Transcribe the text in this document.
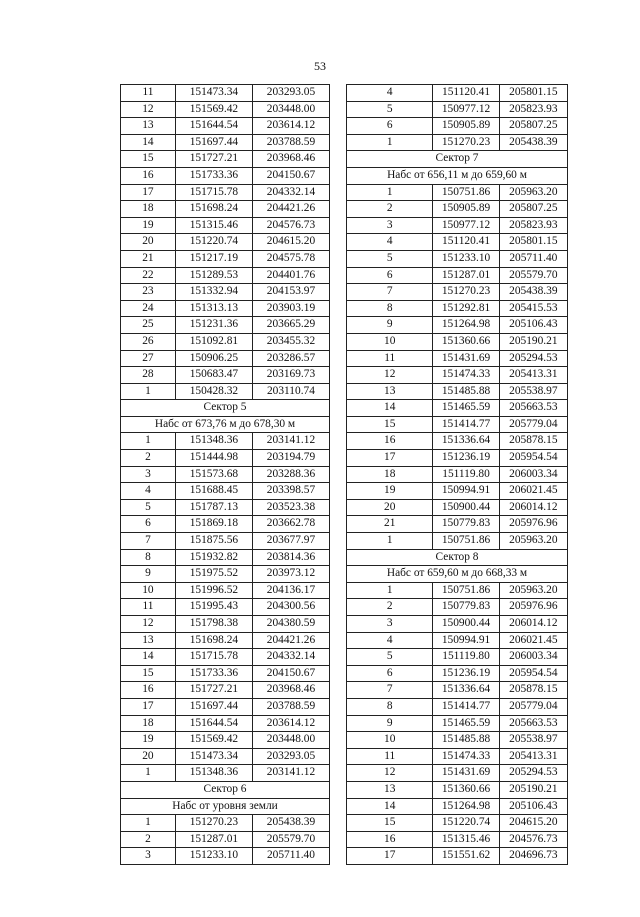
53
11	151473.34	203293.05
12	151569.42	203448.00
13	151644.54	203614.12
14	151697.44	203788.59
15	151727.21	203968.46
16	151733.36	204150.67
17	151715.78	204332.14
18	151698.24	204421.26
19	151315.46	204576.73
20	151220.74	204615.20
21	151217.19	204575.78
22	151289.53	204401.76
23	151332.94	204153.97
24	151313.13	203903.19
25	151231.36	203665.29
26	151092.81	203455.32
27	150906.25	203286.57
28	150683.47	203169.73
1	150428.32	203110.74
Сектор 5		
Набс от 673,76 м до 678,30 м		
1	151348.36	203141.12
2	151444.98	203194.79
3	151573.68	203288.36
4	151688.45	203398.57
5	151787.13	203523.38
6	151869.18	203662.78
7	151875.56	203677.97
8	151932.82	203814.36
9	151975.52	203973.12
10	151996.52	204136.17
11	151995.43	204300.56
12	151798.38	204380.59
13	151698.24	204421.26
14	151715.78	204332.14
15	151733.36	204150.67
16	151727.21	203968.46
17	151697.44	203788.59
18	151644.54	203614.12
19	151569.42	203448.00
20	151473.34	203293.05
1	151348.36	203141.12
Сектор 6		
Набс от уровня земли		
1	151270.23	205438.39
2	151287.01	205579.70
3	151233.10	205711.40
4	151120.41	205801.15
5	150977.12	205823.93
6	150905.89	205807.25
1	151270.23	205438.39
Сектор 7		
Набс от 656,11 м до 659,60 м		
1	150751.86	205963.20
2	150905.89	205807.25
3	150977.12	205823.93
4	151120.41	205801.15
5	151233.10	205711.40
6	151287.01	205579.70
7	151270.23	205438.39
8	151292.81	205415.53
9	151264.98	205106.43
10	151360.66	205190.21
11	151431.69	205294.53
12	151474.33	205413.31
13	151485.88	205538.97
14	151465.59	205663.53
15	151414.77	205779.04
16	151336.64	205878.15
17	151236.19	205954.54
18	151119.80	206003.34
19	150994.91	206021.45
20	150900.44	206014.12
21	150779.83	205976.96
1	150751.86	205963.20
Сектор 8		
Набс от 659,60 м до 668,33 м		
1	150751.86	205963.20
2	150779.83	205976.96
3	150900.44	206014.12
4	150994.91	206021.45
5	151119.80	206003.34
6	151236.19	205954.54
7	151336.64	205878.15
8	151414.77	205779.04
9	151465.59	205663.53
10	151485.88	205538.97
11	151474.33	205413.31
12	151431.69	205294.53
13	151360.66	205190.21
14	151264.98	205106.43
15	151220.74	204615.20
16	151315.46	204576.73
17	151551.62	204696.73
